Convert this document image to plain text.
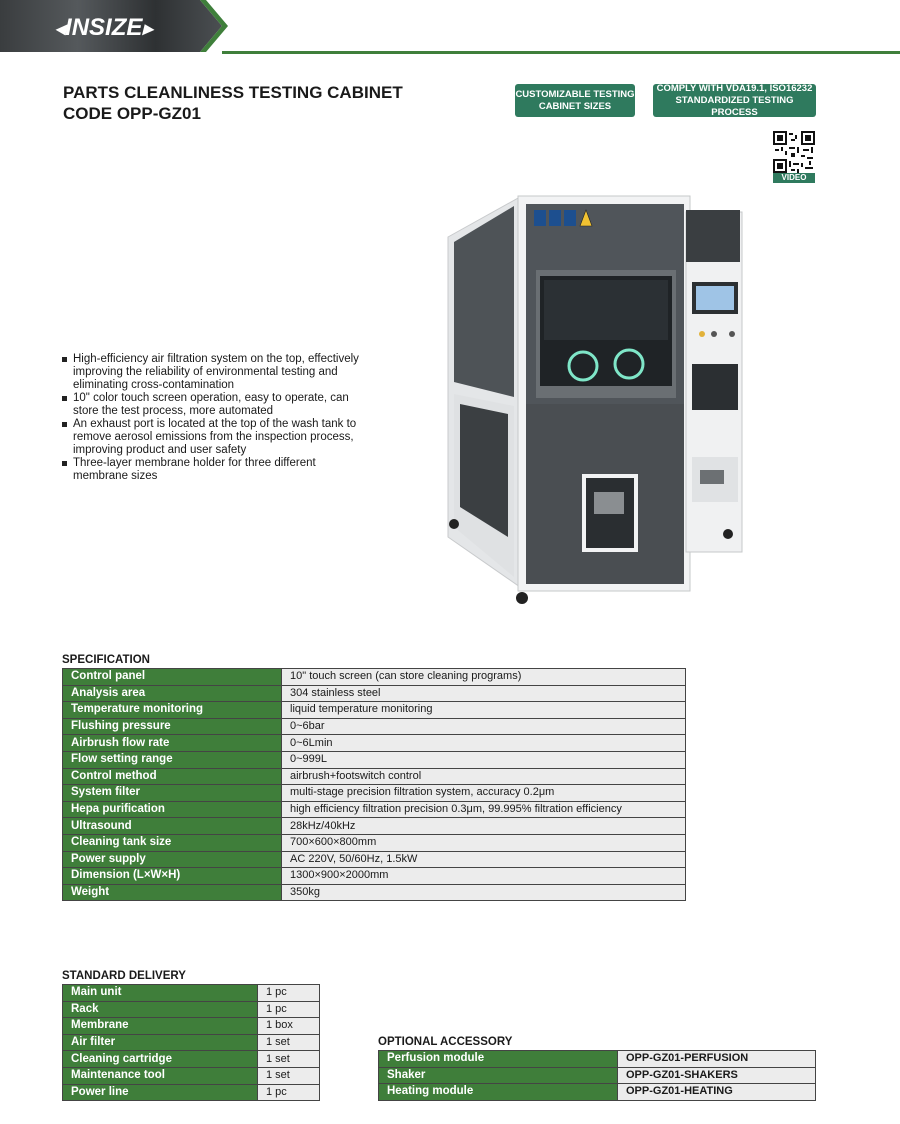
◂INSIZE▸
PARTS CLEANLINESS TESTING CABINET
CODE OPP-GZ01
CUSTOMIZABLE TESTING
CABINET SIZES
COMPLY WITH VDA19.1, ISO16232
STANDARDIZED TESTING PROCESS
VIDEO

High-efficiency air filtration system on the top, effectively improving the reliability of environmental testing and eliminating cross-contamination

10" color touch screen operation, easy to operate, can store the test process, more automated

An exhaust port is located at the top of the wash tank to remove aerosol emissions from the inspection process, improving product and user safety

Three-layer membrane holder for three different membrane sizes

SPECIFICATION
Control panel	10" touch screen (can store cleaning programs)
Analysis area	304 stainless steel
Temperature monitoring	liquid temperature monitoring
Flushing pressure	0~6bar
Airbrush flow rate	0~6Lmin
Flow setting range	0~999L
Control method	airbrush+footswitch control
System filter	multi-stage precision filtration system, accuracy 0.2μm
Hepa purification	high efficiency filtration precision 0.3μm, 99.995% filtration efficiency
Ultrasound	28kHz/40kHz
Cleaning tank size	700×600×800mm
Power supply	AC 220V, 50/60Hz, 1.5kW
Dimension (L×W×H)	1300×900×2000mm
Weight	350kg
STANDARD DELIVERY
Main unit	1 pc
Rack	1 pc
Membrane	1 box
Air filter	1 set
Cleaning cartridge	1 set
Maintenance tool	1 set
Power line	1 pc
OPTIONAL ACCESSORY
Perfusion module	OPP-GZ01-PERFUSION
Shaker	OPP-GZ01-SHAKERS
Heating module	OPP-GZ01-HEATING
